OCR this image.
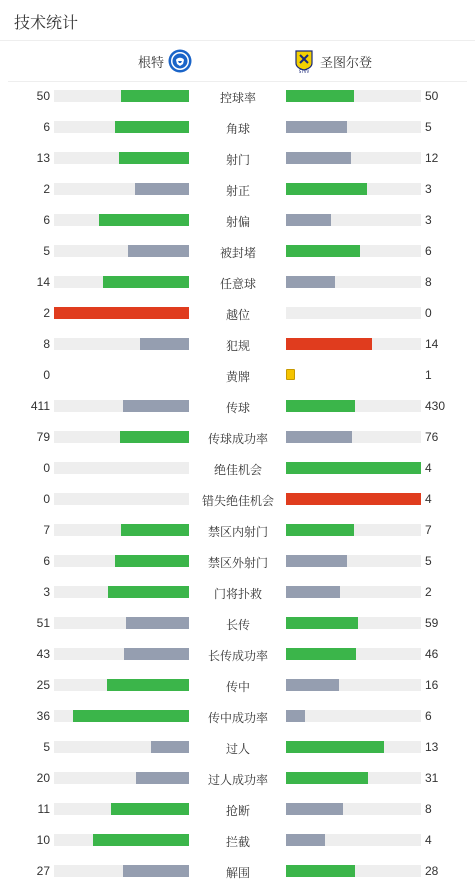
技术统计
根特
STVV
圣图尔登
50	控球率	50
6	角球	5
13	射门	12
2	射正	3
6	射偏	3
5	被封堵	6
14	任意球	8
2	越位	0
8	犯规	14
0	黄牌	1
411	传球	430
79	传球成功率	76
0	绝佳机会	4
0	错失绝佳机会	4
7	禁区内射门	7
6	禁区外射门	5
3	门将扑救	2
51	长传	59
43	长传成功率	46
25	传中	16
36	传中成功率	6
5	过人	13
20	过人成功率	31
11	抢断	8
10	拦截	4
27	解围	28
